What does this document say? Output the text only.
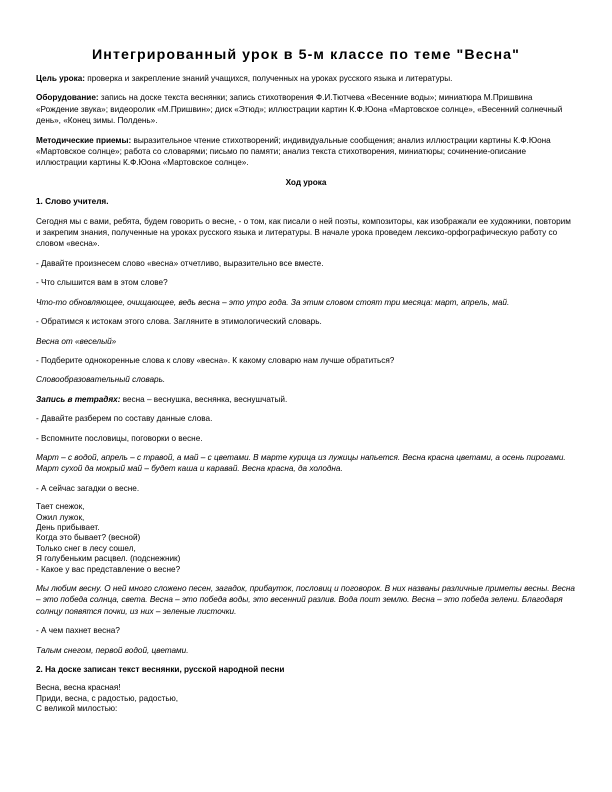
Интегрированный урок в 5-м классе по теме "Весна"

Цель урока: проверка и закрепление знаний учащихся, полученных на уроках русского языка и литературы.

Оборудование: запись на доске текста веснянки; запись стихотворения Ф.И.Тютчева «Весенние воды»; миниатюра М.Пришвина «Рождение звука»; видеоролик «М.Пришвин»; диск «Этюд»; иллюстрации картин К.Ф.Юона «Мартовское солнце», «Весенний солнечный день», «Конец зимы. Полдень».

Методические приемы: выразительное чтение стихотворений; индивидуальные сообщения; анализ иллюстрации картины К.Ф.Юона «Мартовское солнце»; работа со словарями; письмо по памяти; анализ текста стихотворения, миниатюры; сочинение-описание иллюстрации картины К.Ф.Юона «Мартовское солнце».

Ход урока

1. Слово учителя.

Сегодня мы с вами, ребята, будем говорить о весне, - о том, как писали о ней поэты, композиторы, как изображали ее художники, повторим и закрепим знания, полученные на уроках русского языка и литературы. В начале урока проведем лексико-орфографическую работу со словом «весна».

- Давайте произнесем слово «весна» отчетливо, выразительно все вместе.

- Что слышится вам в этом слове?

Что-то обновляющее, очищающее, ведь весна – это утро года. За этим словом стоят три месяца: март, апрель, май.

- Обратимся к истокам этого слова. Загляните в этимологический словарь.

Весна от «веселый»

- Подберите однокоренные слова к слову «весна». К какому словарю нам лучше обратиться?

Словообразовательный словарь.

Запись в тетрадях: весна – веснушка, веснянка, веснушчатый.

- Давайте разберем по составу данные слова.

- Вспомните пословицы, поговорки о весне.

Март – с водой, апрель – с травой, а май – с цветами. В марте курица из лужицы напьется. Весна красна цветами, а осень пирогами. Март сухой да мокрый май – будет каша и каравай. Весна красна, да холодна.

- А сейчас загадки о весне.

Тает снежок,
Ожил лужок,
День прибывает.
Когда это бывает? (весной)
Только снег в лесу сошел,
Я голубеньким расцвел. (подснежник)
- Какое у вас представление о весне?

Мы любим весну. О ней много сложено песен, загадок, прибауток, пословиц и поговорок. В них названы различные приметы весны. Весна – это победа солнца, света. Весна – это победа воды, это весенний разлив. Вода поит землю. Весна – это победа зелени. Благодаря солнцу появятся почки, из них – зеленые листочки.

- А чем пахнет весна?

Талым снегом, первой водой, цветами.

2. На доске записан текст веснянки, русской народной песни

Весна, весна красная!
Приди, весна, с радостью, радостью,
С великой милостью:
